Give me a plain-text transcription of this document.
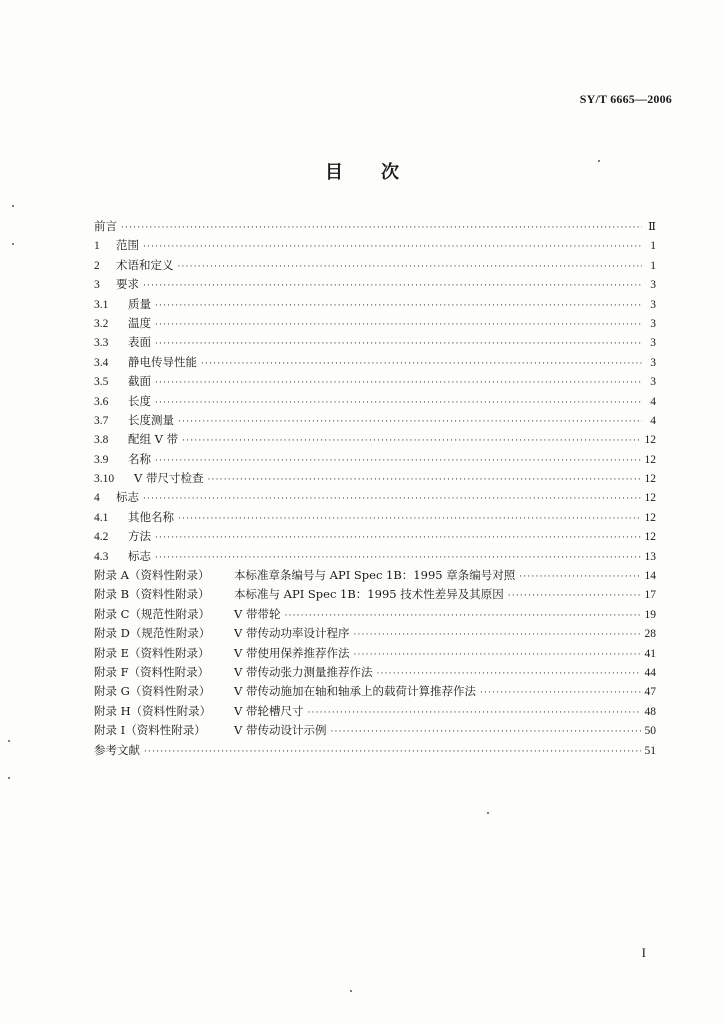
SY/T 6665—2006
目 次
前言 ·····	Ⅱ
1	范围 ·····	1
2	术语和定义 ·····	1
3	要求 ·····	3
3.1	质量 ·····	3
3.2	温度 ·····	3
3.3	表面 ·····	3
3.4	静电传导性能 ·····	3
3.5	截面 ·····	3
3.6	长度 ·····	4
3.7	长度测量 ·····	4
3.8	配组 V 带 ·····	12
3.9	名称 ·····	12
3.10	V 带尺寸检查 ·····	12
4	标志 ·····	12
4.1	其他名称 ·····	12
4.2	方法 ·····	12
4.3	标志 ·····	13
附录 A（资料性附录）	本标准章条编号与 API Spec 1B：1995 章条编号对照 ·····	14
附录 B（资料性附录）	本标准与 API Spec 1B：1995 技术性差异及其原因 ·····	17
附录 C（规范性附录）	V 带带轮 ·····	19
附录 D（规范性附录）	V 带传动功率设计程序 ·····	28
附录 E（资料性附录）	V 带使用保养推荐作法 ·····	41
附录 F（资料性附录）	V 带传动张力测量推荐作法 ·····	44
附录 G（资料性附录）	V 带传动施加在轴和轴承上的载荷计算推荐作法 ·····	47
附录 H（资料性附录）	V 带轮槽尺寸 ·····	48
附录 I（资料性附录）	V 带传动设计示例 ·····	50
参考文献 ·····	51
I
